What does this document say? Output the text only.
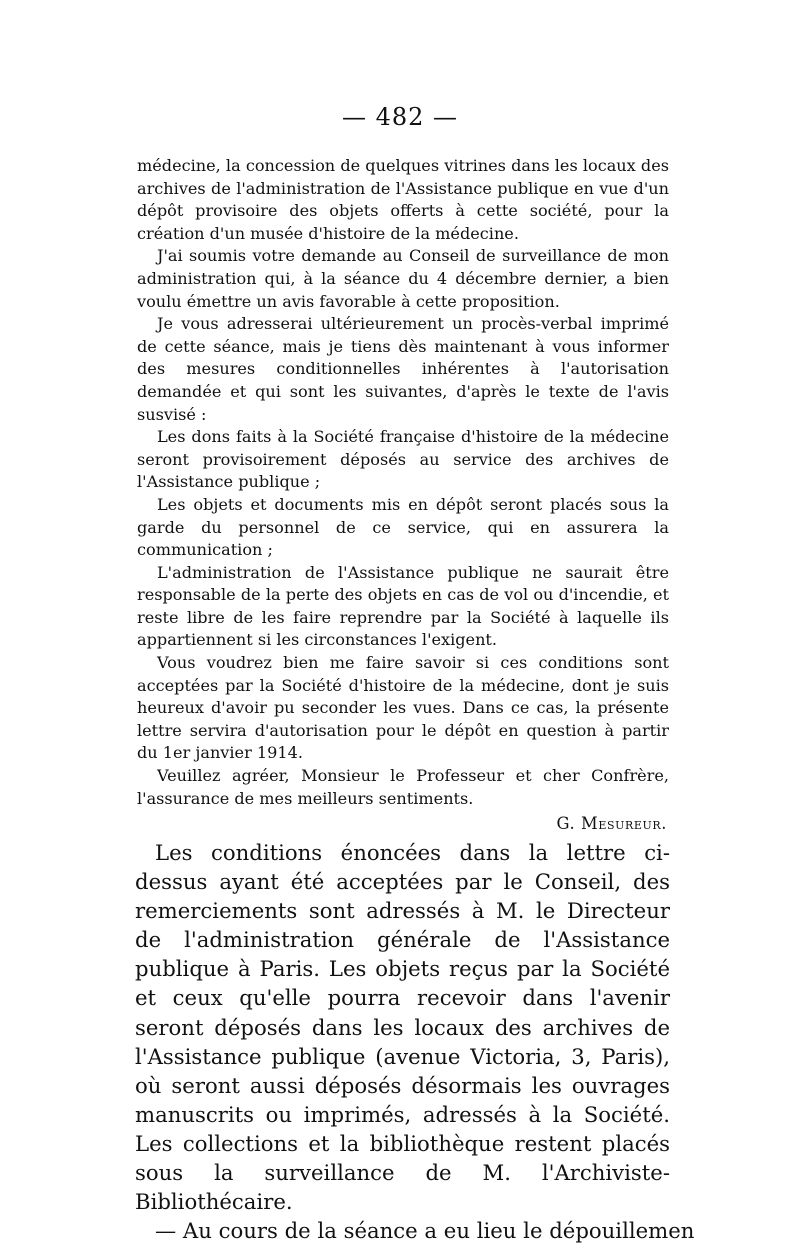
— 482 —

médecine, la concession de quelques vitrines dans les locaux des archives de l'administration de l'Assistance publique en vue d'un dépôt provisoire des objets offerts à cette société, pour la création d'un musée d'histoire de la médecine.

J'ai soumis votre demande au Conseil de surveillance de mon administration qui, à la séance du 4 décembre dernier, a bien voulu émettre un avis favorable à cette proposition.

Je vous adresserai ultérieurement un procès-verbal imprimé de cette séance, mais je tiens dès maintenant à vous informer des mesures conditionnelles inhérentes à l'autorisation demandée et qui sont les suivantes, d'après le texte de l'avis susvisé :

Les dons faits à la Société française d'histoire de la médecine seront provisoirement déposés au service des archives de l'Assistance publique ;

Les objets et documents mis en dépôt seront placés sous la garde du personnel de ce service, qui en assurera la communication ;

L'administration de l'Assistance publique ne saurait être responsable de la perte des objets en cas de vol ou d'incendie, et reste libre de les faire reprendre par la Société à laquelle ils appartiennent si les circonstances l'exigent.

Vous voudrez bien me faire savoir si ces conditions sont acceptées par la Société d'histoire de la médecine, dont je suis heureux d'avoir pu seconder les vues. Dans ce cas, la présente lettre servira d'autorisation pour le dépôt en question à partir du 1er janvier 1914.

Veuillez agréer, Monsieur le Professeur et cher Confrère, l'assurance de mes meilleurs sentiments.

G. Mesureur.

Les conditions énoncées dans la lettre ci-dessus ayant été acceptées par le Conseil, des remerciements sont adressés à M. le Directeur de l'administration générale de l'Assistance publique à Paris. Les objets reçus par la Société et ceux qu'elle pourra recevoir dans l'avenir seront déposés dans les locaux des archives de l'Assistance publique (avenue Victoria, 3, Paris), où seront aussi déposés désormais les ouvrages manuscrits ou imprimés, adressés à la Société. Les collections et la bibliothèque restent placés sous la surveillance de M. l'Archiviste-Bibliothécaire.

— Au cours de la séance a eu lieu le dépouillemen
